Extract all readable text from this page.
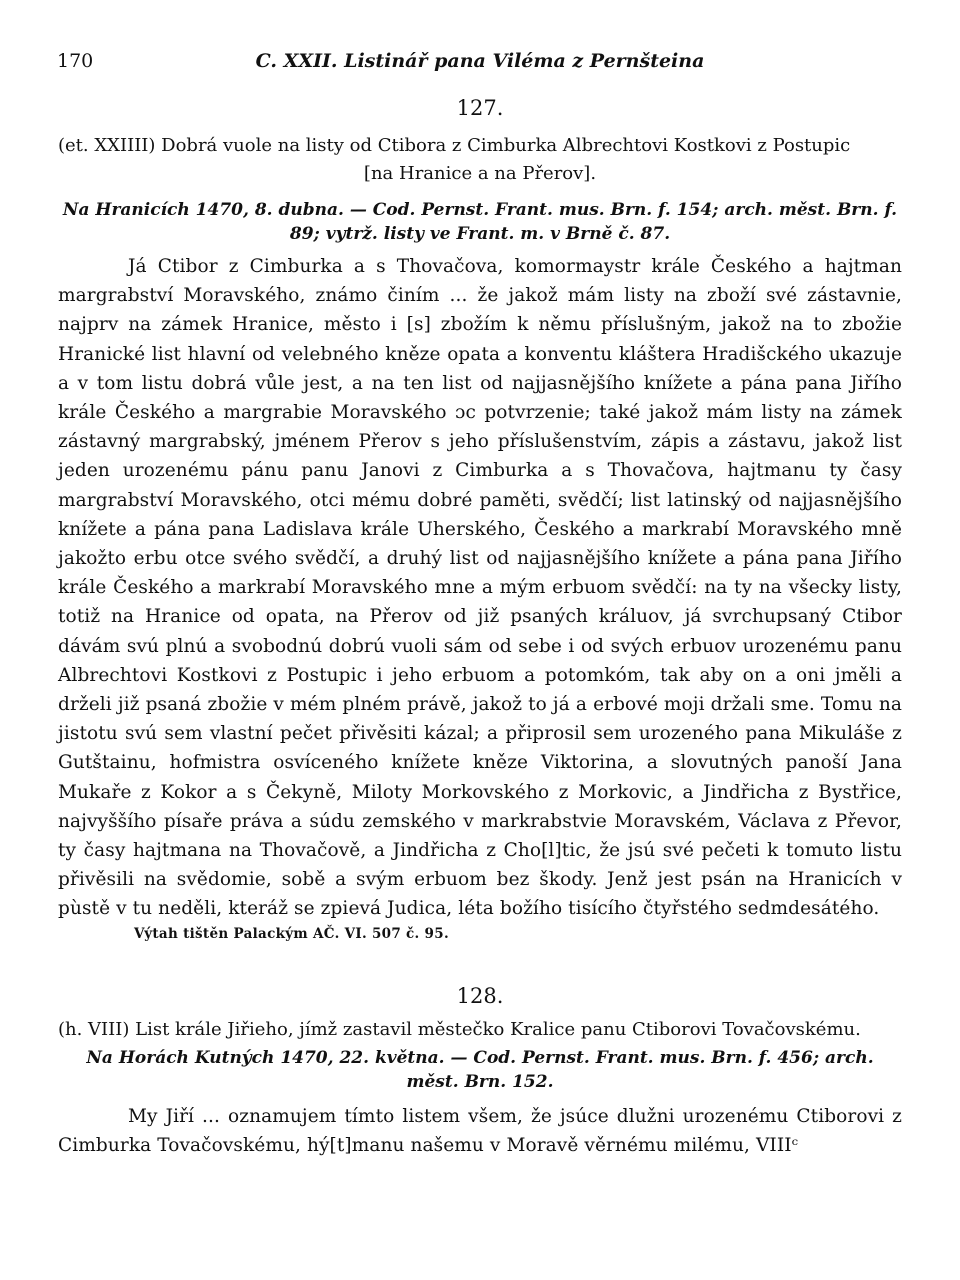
170	C. XXII. Listinář pana Viléma z Pernšteina
127.

(et. XXIIII) Dobrá vuole na listy od Ctibora z Cimburka Albrechtovi Kostkovi z Postupic
[na Hranice a na Přerov].

Na Hranicích 1470, 8. dubna. — Cod. Pernst. Frant. mus. Brn. f. 154; arch. měst. Brn. f. 89; vytrž. listy ve Frant. m. v Brně č. 87.

Já Ctibor z Cimburka a s Thovačova, komormaystr krále Českého a hajtman margrabství Moravského, známo činím ... že jakož mám listy na zboží své zástavnie, najprv na zámek Hranice, město i [s] zbožím k němu příslušným, jakož na to zbožie Hranické list hlavní od velebného kněze opata a konventu kláštera Hradišckého ukazuje a v tom listu dobrá vůle jest, a na ten list od najjasnějšího knížete a pána pana Jiřího krále Českého a margrabie Moravského ɔc potvrzenie; také jakož mám listy na zámek zástavný margrabský, jménem Přerov s jeho příslušenstvím, zápis a zástavu, jakož list jeden urozenému pánu panu Janovi z Cimburka a s Thovačova, hajtmanu ty časy margrabství Moravského, otci mému dobré paměti, svědčí; list latinský od najjasnějšího knížete a pána pana Ladislava krále Uherského, Českého a markrabí Moravského mně jakožto erbu otce svého svědčí, a druhý list od najjasnějšího knížete a pána pana Jiřího krále Českého a markrabí Moravského mne a mým erbuom svědčí: na ty na všecky listy, totiž na Hranice od opata, na Přerov od již psaných králuov, já svrchupsaný Ctibor dávám svú plnú a svobodnú dobrú vuoli sám od sebe i od svých erbuov urozenému panu Albrechtovi Kostkovi z Postupic i jeho erbuom a potomkóm, tak aby on a oni jměli a drželi již psaná zbožie v mém plném právě, jakož to já a erbové moji držali sme. Tomu na jistotu svú sem vlastní pečet přivěsiti kázal; a připrosil sem urozeného pana Mikuláše z Gutštainu, hofmistra osvíceného knížete kněze Viktorina, a slovutných panoší Jana Mukaře z Kokor a s Čekyně, Miloty Morkovského z Morkovic, a Jindřicha z Bystřice, najvyššího písaře práva a súdu zemského v markrabstvie Moravském, Václava z Převor, ty časy hajtmana na Thovačově, a Jindřicha z Cho[l]tic, že jsú své pečeti k tomuto listu přivěsili na svědomie, sobě a svým erbuom bez škody. Jenž jest psán na Hranicích v pùstě v tu neděli, kteráž se zpievá Judica, léta božího tisícího čtyřstého sedmdesátého.

Výtah tištěn Palackým AČ. VI. 507 č. 95.

128.

(h. VIII) List krále Jiřieho, jímž zastavil městečko Kralice panu Ctiborovi Tovačovskému.

Na Horách Kutných 1470, 22. května. — Cod. Pernst. Frant. mus. Brn. f. 456; arch. měst. Brn. 152.

My Jiří ... oznamujem tímto listem všem, že jsúce dlužni urozenému Ctiborovi z Cimburka Tovačovskému, hý[t]manu našemu v Moravě věrnému milému, VIIIᶜ
